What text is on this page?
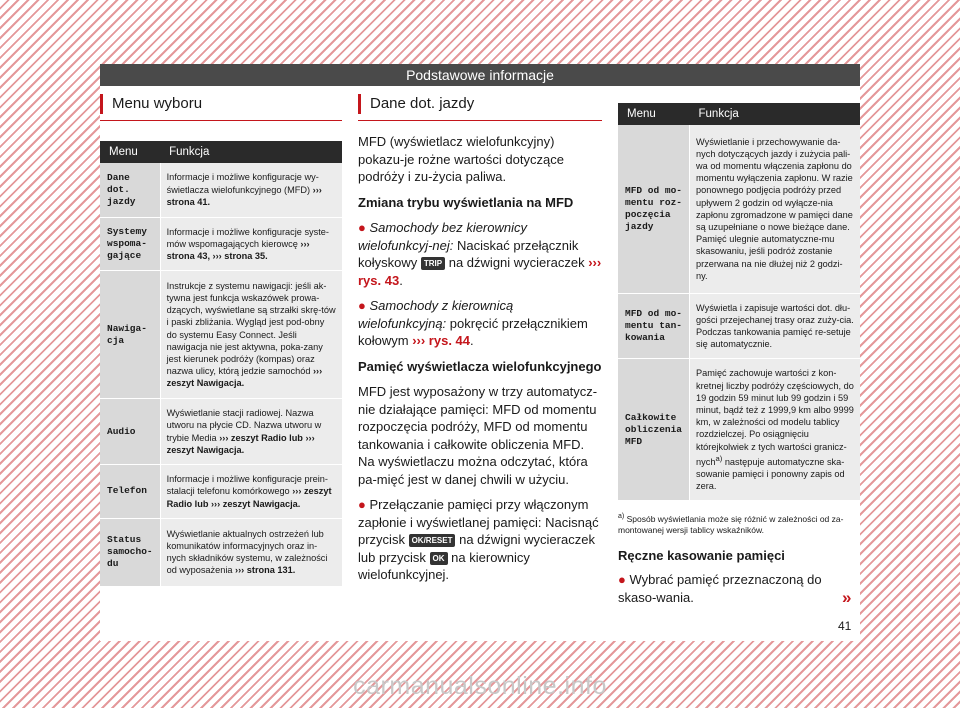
Podstawowe informacje
Menu wyboru
Menu	Funkcja
Dane dot. jazdy	Informacje i możliwe konfiguracje wy-świetlacza wielofunkcyjnego (MFD) ››› strona 41.
Systemy wspoma-gające	Informacje i możliwe konfiguracje syste-mów wspomagających kierowcę ››› strona 43, ››› strona 35.
Nawiga-cja	Instrukcje z systemu nawigacji: jeśli ak-tywna jest funkcja wskazówek prowa-dzących, wyświetlane są strzałki skrę-tów i paski zbliżania. Wygląd jest pod-obny do systemu Easy Connect. Jeśli nawigacja nie jest aktywna, poka-zany jest kierunek podróży (kompas) oraz nazwa ulicy, którą jedzie samochód ››› zeszyt Nawigacja.
Audio	Wyświetlanie stacji radiowej. Nazwa utworu na płycie CD. Nazwa utworu w trybie Media ››› zeszyt Radio lub ››› zeszyt Nawigacja.
Telefon	Informacje i możliwe konfiguracje prein-stalacji telefonu komórkowego ››› zeszyt Radio lub ››› zeszyt Nawigacja.
Status samocho-du	Wyświetlanie aktualnych ostrzeżeń lub komunikatów informacyjnych oraz in-nych składników systemu, w zależności od wyposażenia ››› strona 131.
Dane dot. jazdy

MFD (wyświetlacz wielofunkcyjny) pokazu-je rożne wartości dotyczące podróży i zu-życia paliwa.

Zmiana trybu wyświetlania na MFD

● Samochody bez kierownicy wielofunkcyj-nej: Naciskać przełącznik kołyskowy TRIP na dźwigni wycieraczek ››› rys. 43.

● Samochody z kierownicą wielofunkcyjną: pokręcić przełącznikiem kołowym ››› rys. 44.

Pamięć wyświetlacza wielofunkcyjnego

MFD jest wyposażony w trzy automatycz-nie działające pamięci: MFD od momentu rozpoczęcia podróży, MFD od momentu tankowania i całkowite obliczenia MFD. Na wyświetlaczu można odczytać, która pa-mięć jest w danej chwili w użyciu.

● Przełączanie pamięci przy włączonym zapłonie i wyświetlanej pamięci: Nacisnąć przycisk OK/RESET na dźwigni wycieraczek lub przycisk OK na kierownicy wielofunkcyjnej.

Menu	Funkcja
MFD od mo-mentu roz-poczęcia jazdy	Wyświetlanie i przechowywanie da-nych dotyczących jazdy i zużycia pali-wa od momentu włączenia zapłonu do momentu wyłączenia zapłonu. W razie ponownego podjęcia podróży przed upływem 2 godzin od wyłącze-nia zapłonu zgromadzone w pamięci dane są uzupełniane o nowe bieżące dane. Pamięć ulegnie automatyczne-mu skasowaniu, jeśli podróż zostanie przerwana na nie dłużej niż 2 godzi-ny.
MFD od mo-mentu tan-kowania	Wyświetla i zapisuje wartości dot. dłu-gości przejechanej trasy oraz zuży-cia. Podczas tankowania pamięć re-setuje się automatycznie.
Całkowite obliczenia MFD	Pamięć zachowuje wartości z kon-kretnej liczby podróży częściowych, do 19 godzin 59 minut lub 99 godzin i 59 minut, bądź też z 1999,9 km albo 9999 km, w zależności od modelu tablicy rozdzielczej. Po osiągnięciu którejkolwiek z tych wartości granicz-nych$^{a)}$ następuje automatyczne ska-sowanie pamięci i ponowny zapis od zera.

$^{a)}$ Sposób wyświetlania może się różnić w zależności od za-montowanej wersji tablicy wskaźników.

Ręczne kasowanie pamięci

● Wybrać pamięć przeznaczoną do skaso-wania.	»
41
carmanualsonline.info
